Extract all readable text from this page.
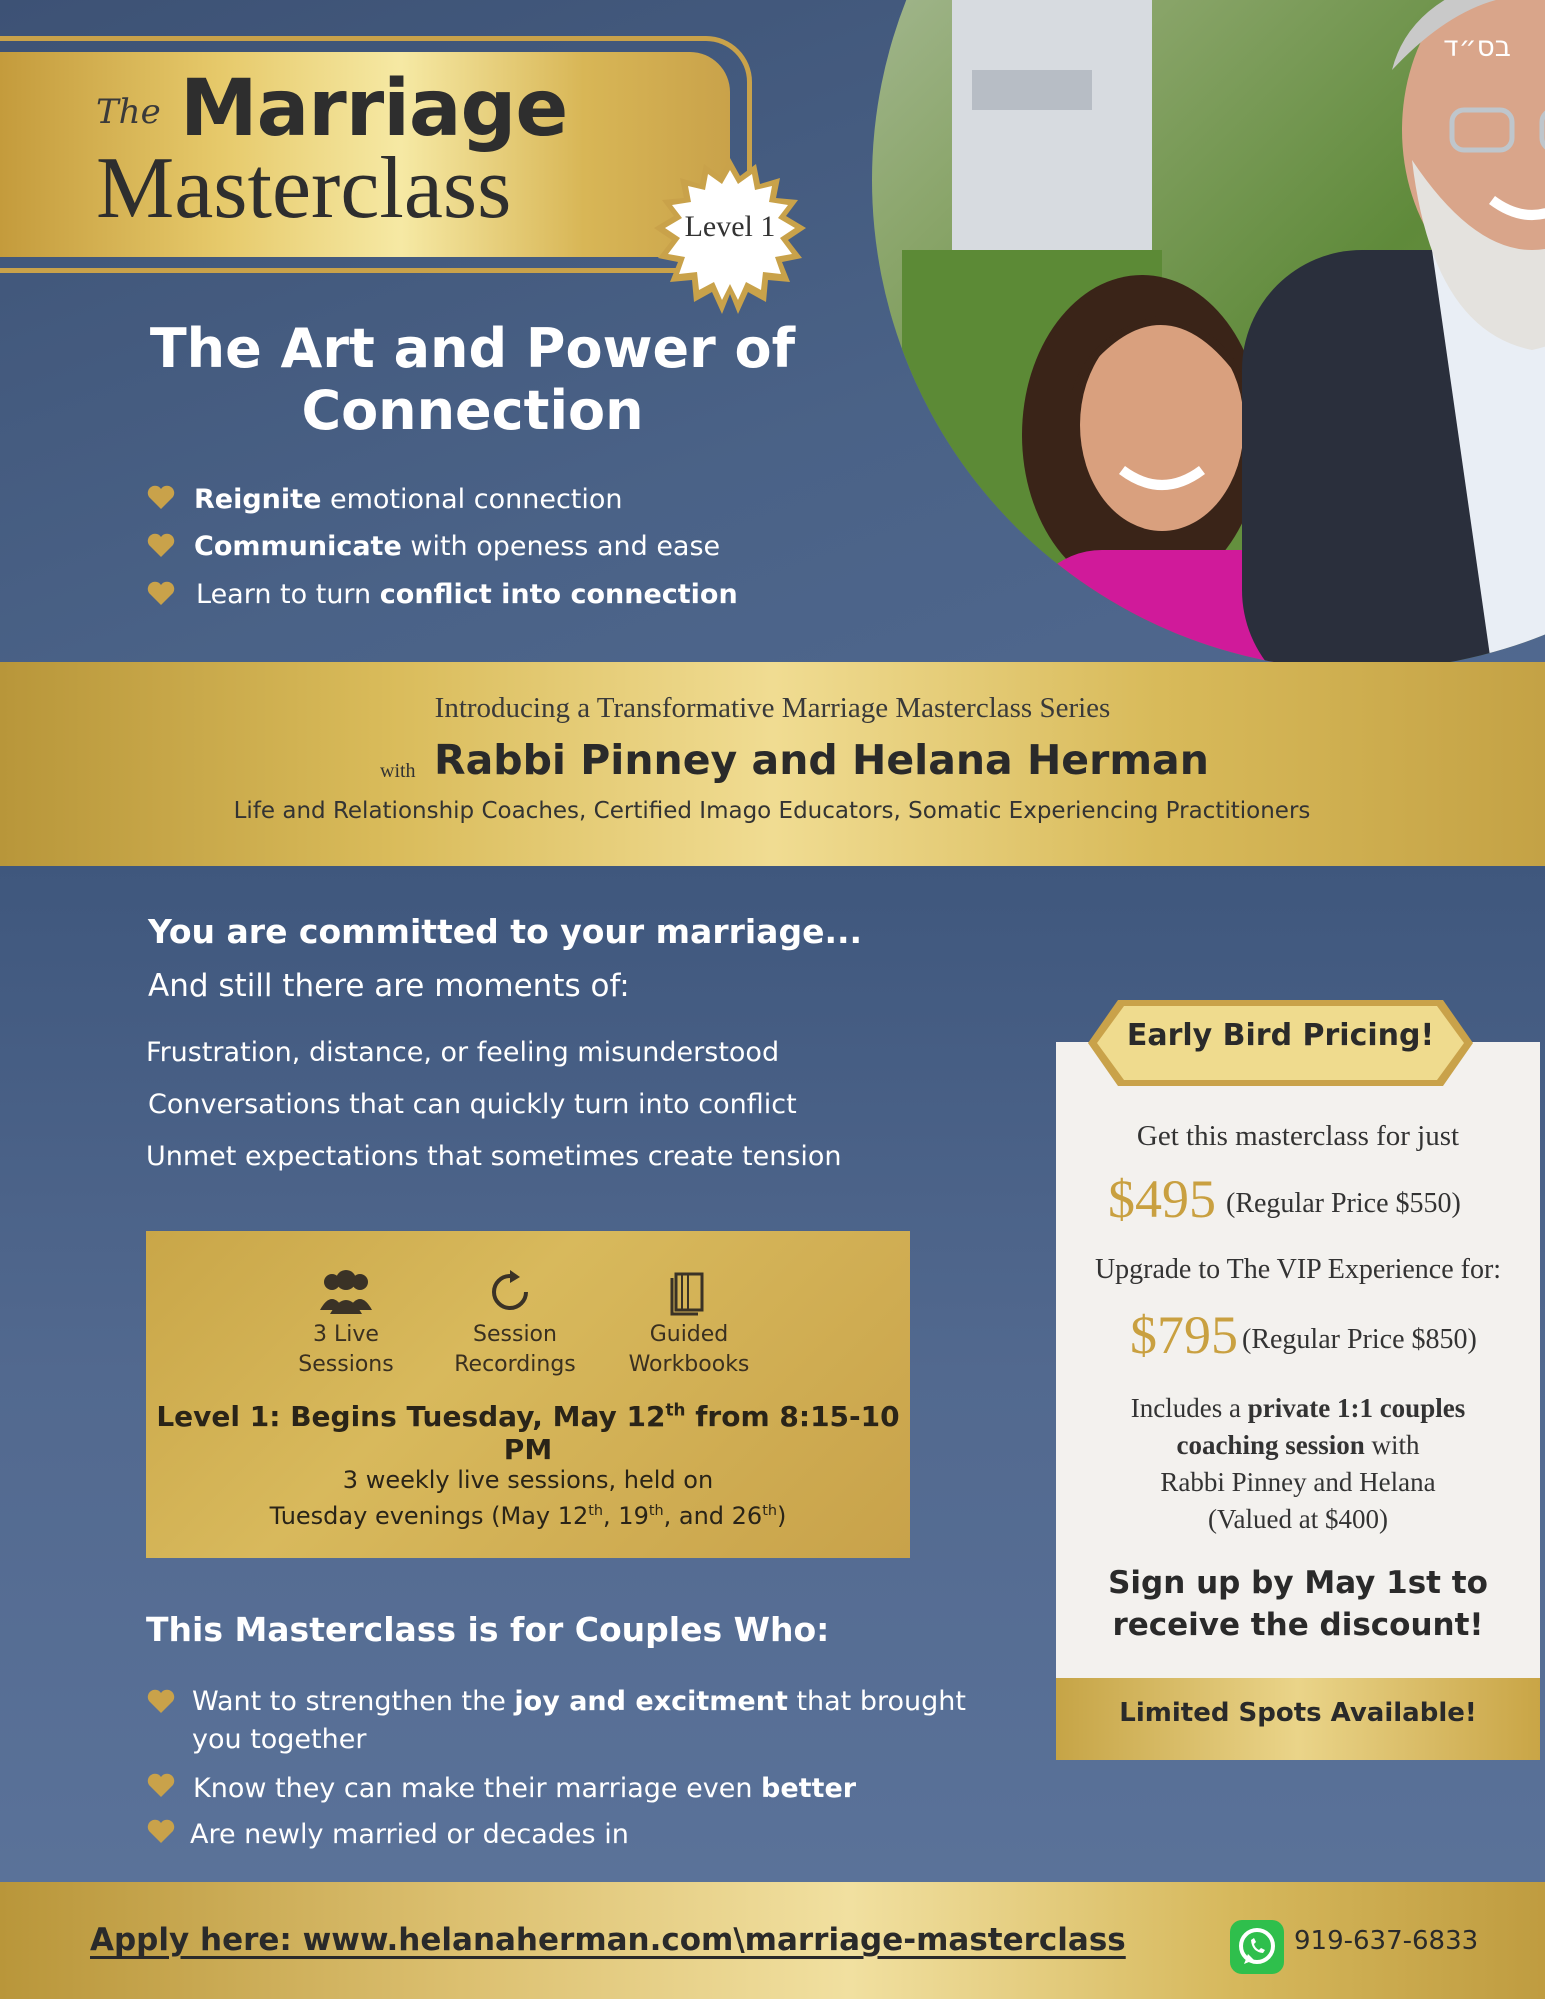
בס״ד
The Marriage
Masterclass	Level 1
The Art and Power of
Connection
Reignite emotional connection
Communicate with openess and ease
Learn to turn conflict into connection
Introducing a Transformative Marriage Masterclass Series
with Rabbi Pinney and Helana Herman
Life and Relationship Coaches, Certified Imago Educators, Somatic Experiencing Practitioners
You are committed to your marriage...
And still there are moments of:
Frustration, distance, or feeling misunderstood
Conversations that can quickly turn into conflict
Unmet expectations that sometimes create tension
3 Live
Sessions
Session
Recordings
Guided
Workbooks
Level 1: Begins Tuesday, May 12th from 8:15-10 PM
3 weekly live sessions, held on
Tuesday evenings (May 12th, 19th, and 26th)
This Masterclass is for Couples Who:
Want to strengthen the joy and excitment that brought
you together
Know they can make their marriage even better
Are newly married or decades in
Early Bird Pricing!
Get this masterclass for just
$495 (Regular Price $550)
Upgrade to The VIP Experience for:
$795 (Regular Price $850)
Includes a private 1:1 couples
coaching session with
Rabbi Pinney and Helana
(Valued at $400)
Sign up by May 1st to
receive the discount!
Limited Spots Available!
Apply here: www.helanaherman.com\marriage-masterclass	919-637-6833
